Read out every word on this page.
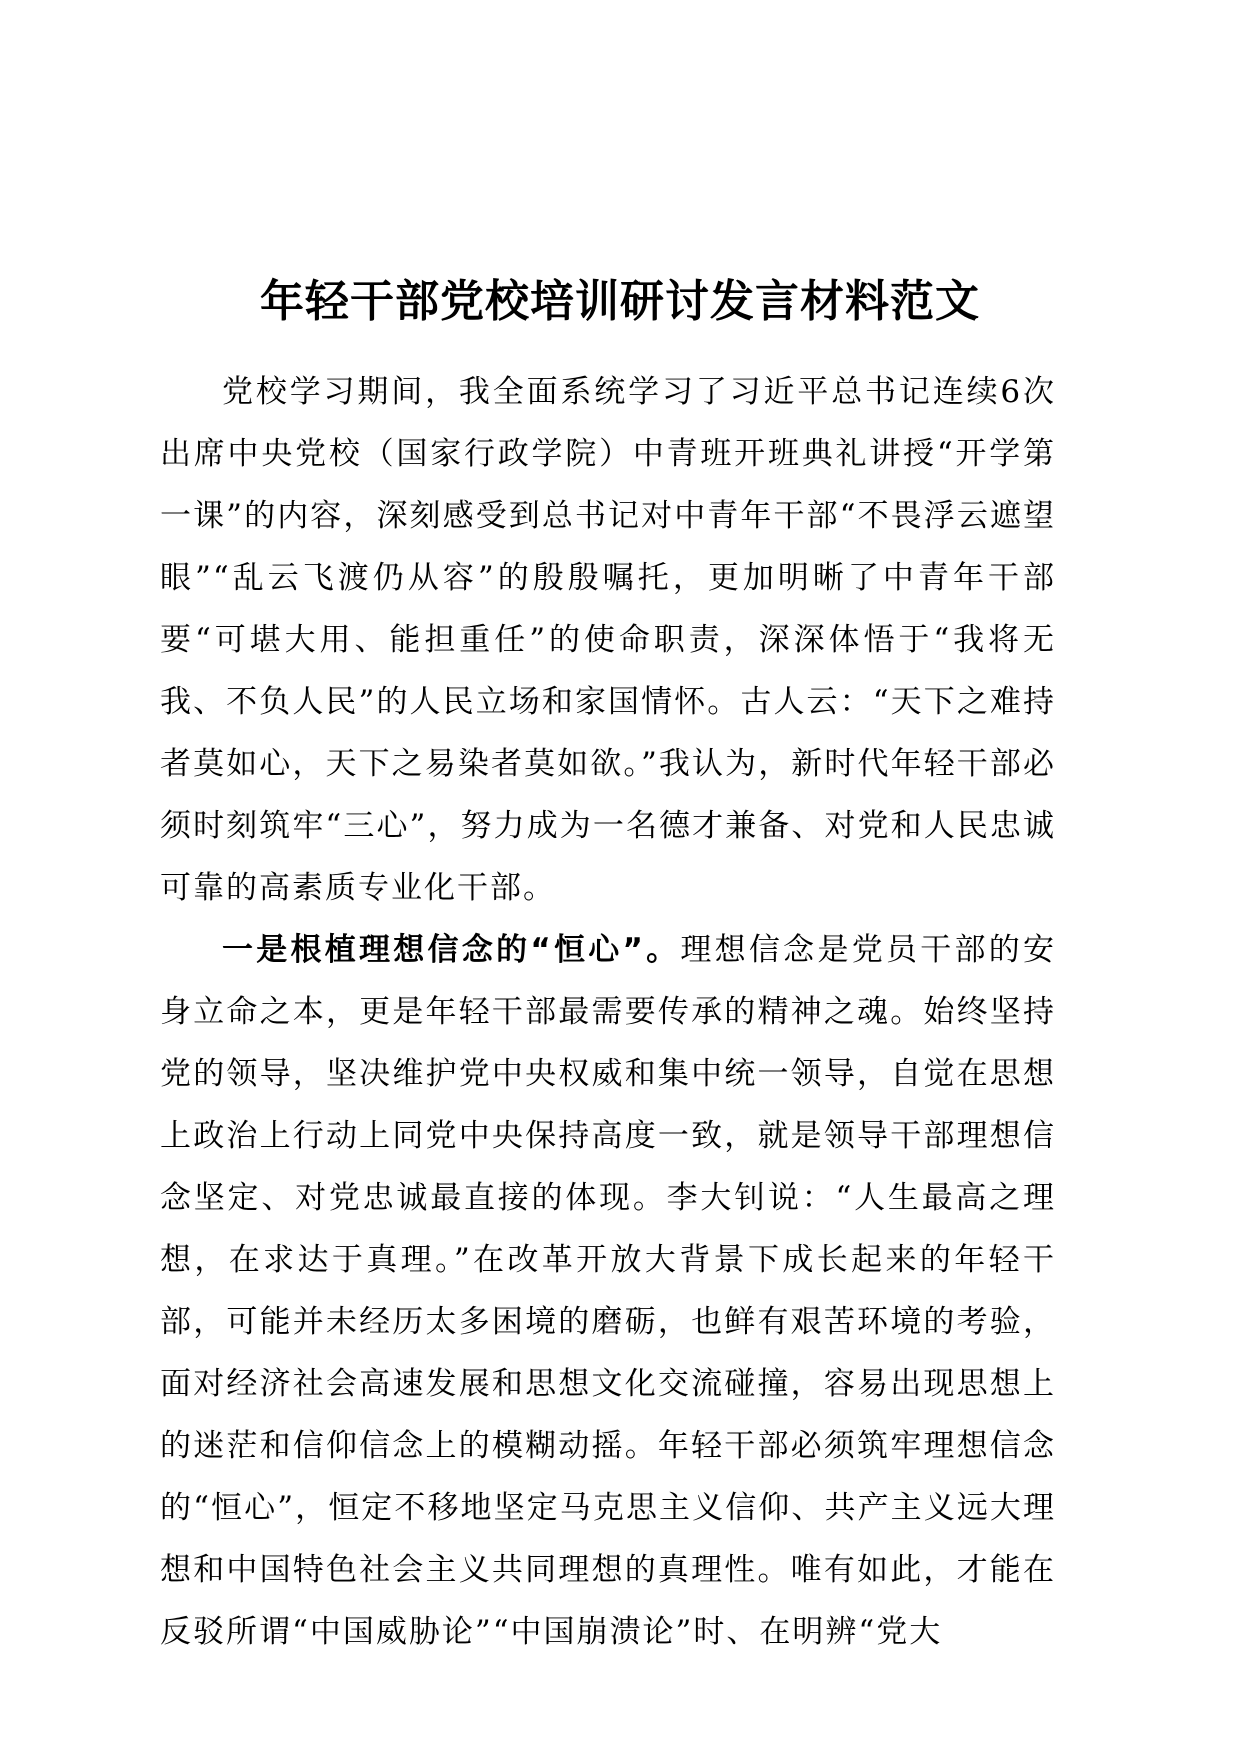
年轻干部党校培训研讨发言材料范文

党校学习期间，我全面系统学习了习近平总书记连续6次出席中央党校（国家行政学院）中青班开班典礼讲授“开学第一课”的内容，深刻感受到总书记对中青年干部“不畏浮云遮望眼”“乱云飞渡仍从容”的殷殷嘱托，更加明晰了中青年干部要“可堪大用、能担重任”的使命职责，深深体悟于“我将无我、不负人民”的人民立场和家国情怀。古人云：“天下之难持者莫如心，天下之易染者莫如欲。”我认为，新时代年轻干部必须时刻筑牢“三心”，努力成为一名德才兼备、对党和人民忠诚可靠的高素质专业化干部。

一是根植理想信念的“恒心”。理想信念是党员干部的安身立命之本，更是年轻干部最需要传承的精神之魂。始终坚持党的领导，坚决维护党中央权威和集中统一领导，自觉在思想上政治上行动上同党中央保持高度一致，就是领导干部理想信念坚定、对党忠诚最直接的体现。李大钊说：“人生最高之理想，在求达于真理。”在改革开放大背景下成长起来的年轻干部，可能并未经历太多困境的磨砺，也鲜有艰苦环境的考验，面对经济社会高速发展和思想文化交流碰撞，容易出现思想上的迷茫和信仰信念上的模糊动摇。年轻干部必须筑牢理想信念的“恒心”，恒定不移地坚定马克思主义信仰、共产主义远大理想和中国特色社会主义共同理想的真理性。唯有如此，才能在反驳所谓“中国威胁论”“中国崩溃论”时、在明辨“党大
